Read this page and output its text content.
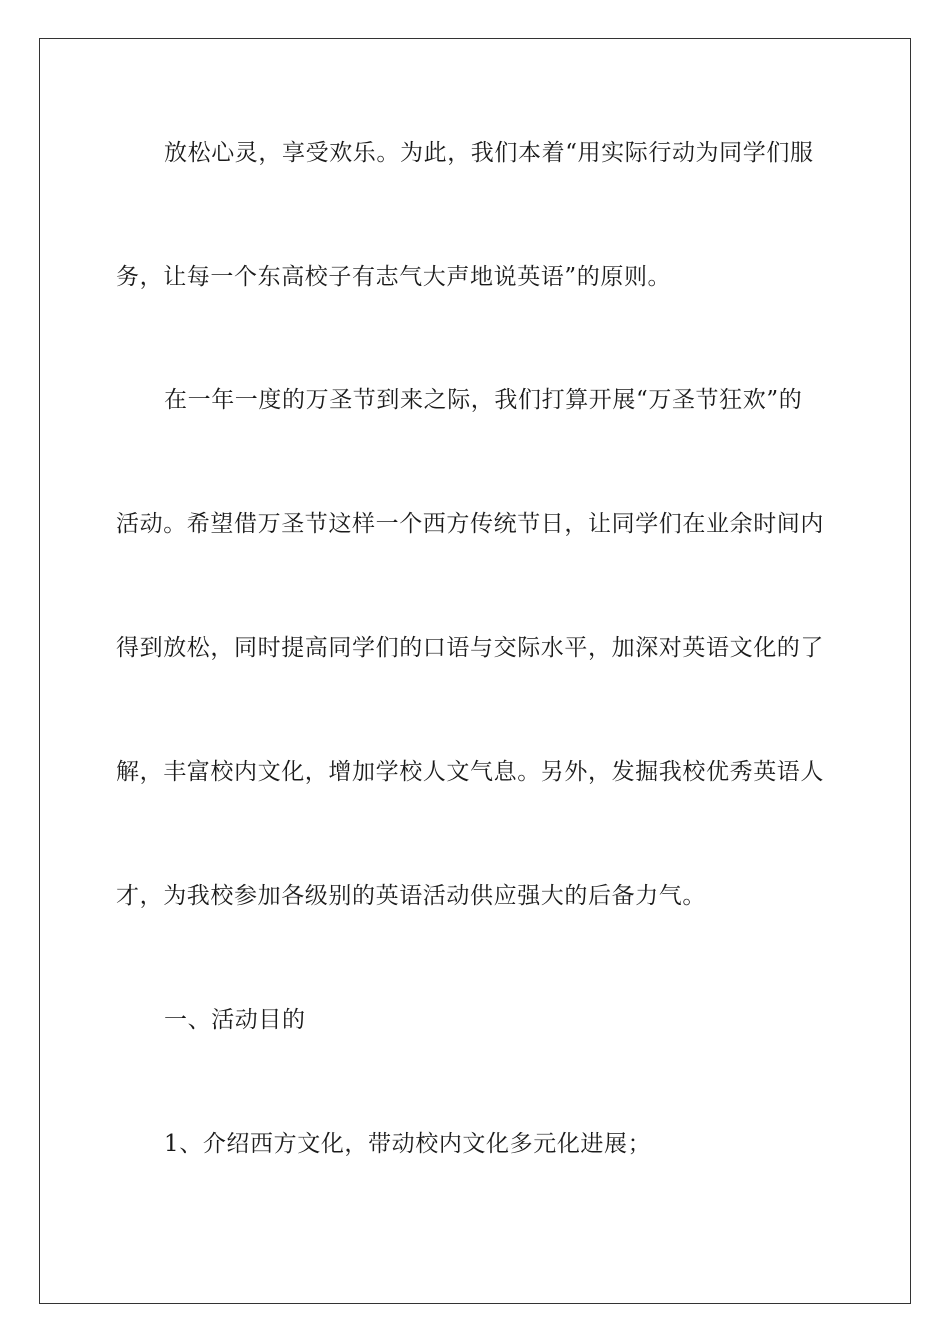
放松心灵，享受欢乐。为此，我们本着“用实际行动为同学们服
务，让每一个东高校子有志气大声地说英语”的原则。
在一年一度的万圣节到来之际，我们打算开展“万圣节狂欢”的
活动。希望借万圣节这样一个西方传统节日，让同学们在业余时间内
得到放松，同时提高同学们的口语与交际水平，加深对英语文化的了
解，丰富校内文化，增加学校人文气息。另外，发掘我校优秀英语人
才，为我校参加各级别的英语活动供应强大的后备力气。
一、活动目的
1、介绍西方文化，带动校内文化多元化进展；
